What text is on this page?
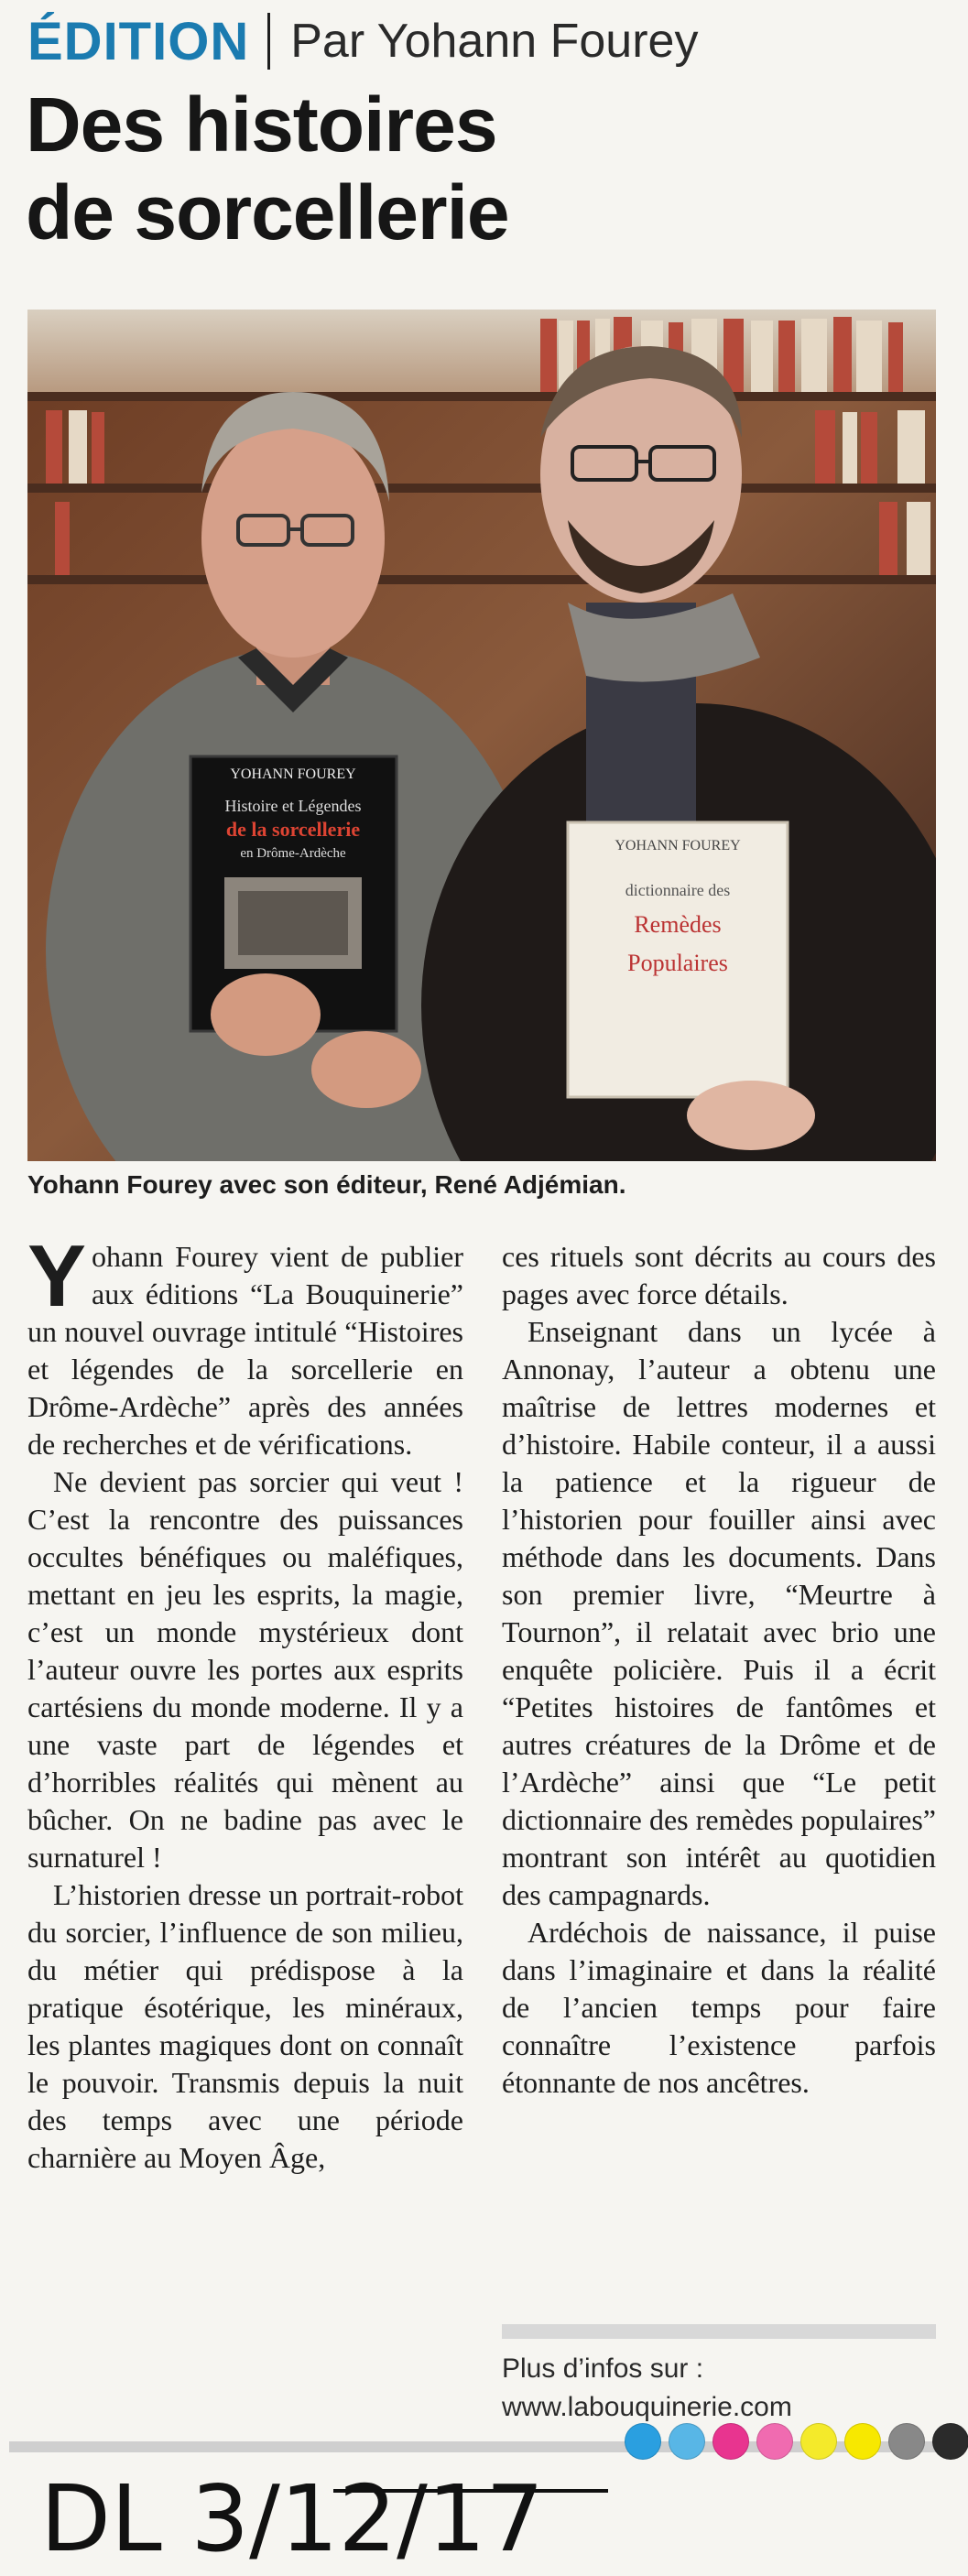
ÉDITION Par Yohann Fourey
Des histoires
de sorcellerie
YOHANN FOUREY
Histoire et Légendes
de la sorcellerie
en Drôme-Ardèche	YOHANN FOUREY
dictionnaire des
Remèdes
Populaires
Yohann Fourey avec son éditeur, René Adjémian.

Yohann Fourey vient de publier aux éditions “La Bouquinerie” un nouvel ouvrage intitulé “Histoires et légendes de la sorcellerie en Drôme-Ardèche” après des années de recherches et de vérifications.

Ne devient pas sorcier qui veut ! C’est la rencontre des puissances occultes bénéfiques ou maléfiques, mettant en jeu les esprits, la magie, c’est un monde mystérieux dont l’auteur ouvre les portes aux esprits cartésiens du monde moderne. Il y a une vaste part de légendes et d’horribles réalités qui mènent au bûcher. On ne badine pas avec le surnaturel !

L’historien dresse un portrait-robot du sorcier, l’influence de son milieu, du métier qui prédispose à la pratique ésotérique, les minéraux, les plantes magiques dont on connaît le pouvoir. Transmis depuis la nuit des temps avec une période charnière au Moyen Âge,

ces rituels sont décrits au cours des pages avec force détails.

Enseignant dans un lycée à Annonay, l’auteur a obtenu une maîtrise de lettres modernes et d’histoire. Habile conteur, il a aussi la patience et la rigueur de l’historien pour fouiller ainsi avec méthode dans les documents. Dans son premier livre, “Meurtre à Tournon”, il relatait avec brio une enquête policière. Puis il a écrit “Petites histoires de fantômes et autres créatures de la Drôme et de l’Ardèche” ainsi que “Le petit dictionnaire des remèdes populaires” montrant son intérêt au quotidien des campagnards.

Ardéchois de naissance, il puise dans l’imaginaire et dans la réalité de l’ancien temps pour faire connaître l’existence parfois étonnante de nos ancêtres.

Plus d’infos sur :
www.labouquinerie.com
DL 3/12/17
